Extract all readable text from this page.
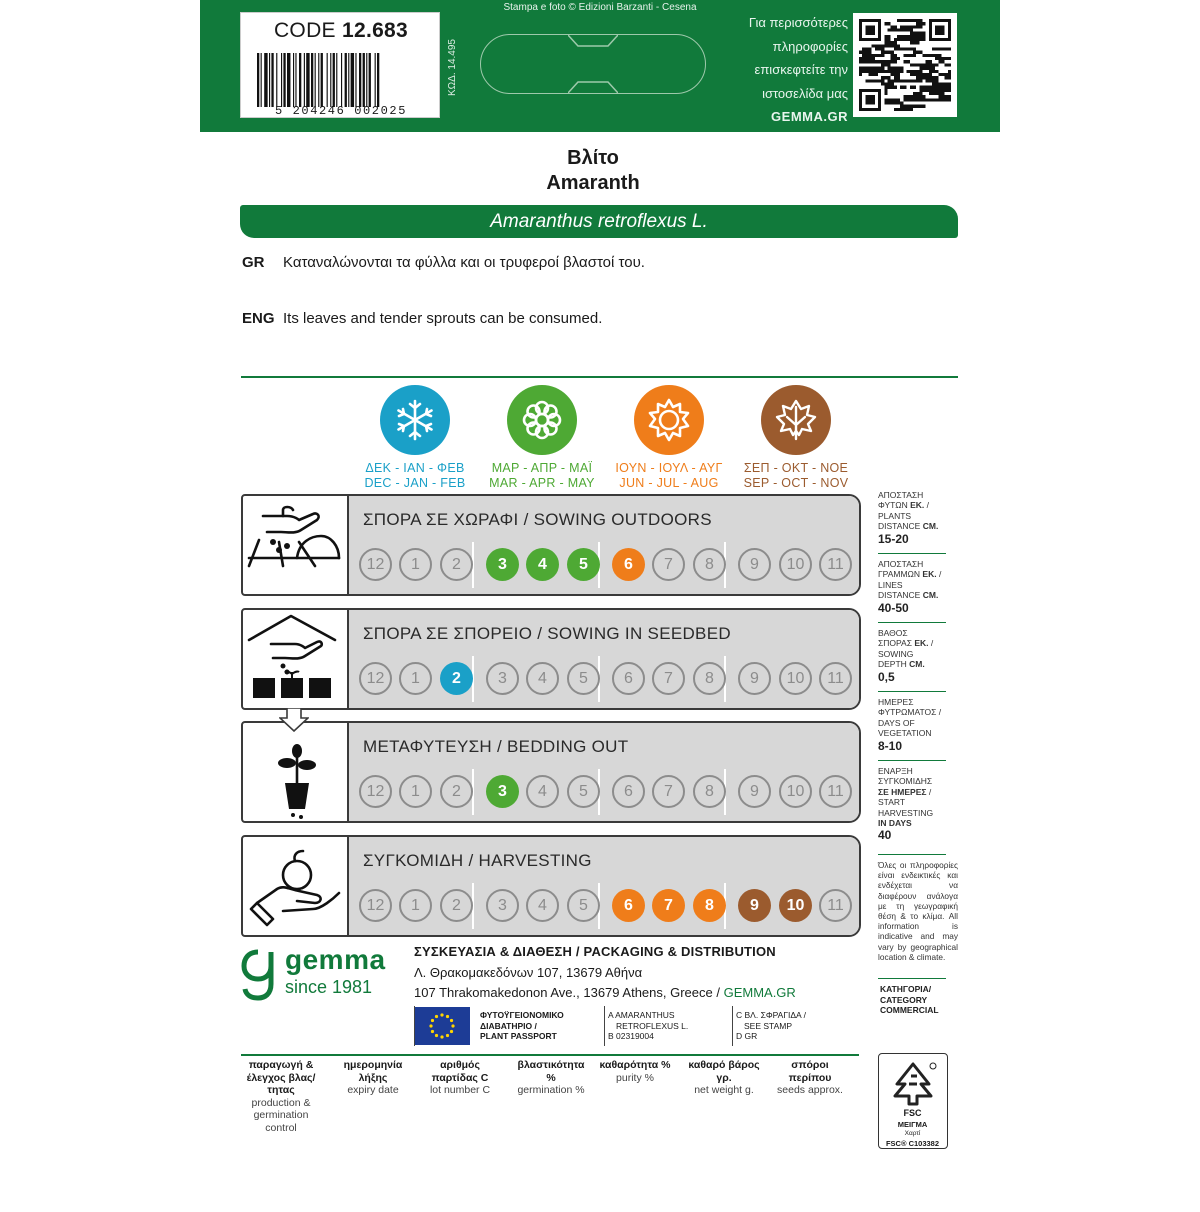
CODE 12.683
5 204246 002025
ΚΩΔ. 14.495
Stampa e foto © Edizioni Barzanti - Cesena
Για περισσότερες
πληροφορίες
επισκεφτείτε την
ιστοσελίδα μας
GEMMA.GR
Βλίτο
Amaranth
Amaranthus retroflexus L.
GR Καταναλώνονται τα φύλλα και οι τρυφεροί βλαστοί του.
ENG Its leaves and tender sprouts can be consumed.
ΔΕΚ - ΙΑΝ - ΦΕΒ
DEC - JAN - FEB
ΜΑΡ - ΑΠΡ - ΜΑΪ
MAR - APR - MAY
ΙΟΥΝ - ΙΟΥΛ - ΑΥΓ
JUN - JUL - AUG
ΣΕΠ - ΟΚΤ - ΝΟΕ
SEP - OCT - NOV
ΣΠΟΡΑ ΣΕ ΧΩΡΑΦΙ / SOWING OUTDOORS
12	1	2	3	4	5	6	7	8	9	10	11
ΣΠΟΡΑ ΣΕ ΣΠΟΡΕΙΟ / SOWING IN SEEDBED
12	1	2	3	4	5	6	7	8	9	10	11
ΜΕΤΑΦΥΤΕΥΣΗ / BEDDING OUT
12	1	2	3	4	5	6	7	8	9	10	11
ΣΥΓΚΟΜΙΔΗ / HARVESTING
12	1	2	3	4	5	6	7	8	9	10	11
ΑΠΟΣΤΑΣΗ
ΦΥΤΩΝ ΕΚ. /
PLANTS
DISTANCE CM.
15-20
ΑΠΟΣΤΑΣΗ
ΓΡΑΜΜΩΝ ΕΚ. /
LINES
DISTANCE CM.
40-50
ΒΑΘΟΣ
ΣΠΟΡΑΣ ΕΚ. /
SOWING
DEPTH CM.
0,5
ΗΜΕΡΕΣ
ΦΥΤΡΩΜΑΤΟΣ /
DAYS OF
VEGETATION
8-10
ΕΝΑΡΞΗ
ΣΥΓΚΟΜΙΔΗΣ
ΣΕ ΗΜΕΡΕΣ /
START
HARVESTING
IN DAYS
40
Όλες οι πληροφορίες είναι ενδεικτικές και ενδέχεται να διαφέρουν ανάλογα με τη γεωγραφική θέση & το κλίμα. All information is indicative and may vary by geographical location & climate.
ΚΑΤΗΓΟΡΙΑ/
CATEGORY
COMMERCIAL
gemma
since 1981
ΣΥΣΚΕΥΑΣΙΑ & ΔΙΑΘΕΣΗ / PACKAGING & DISTRIBUTION
Λ. Θρακομακεδόνων 107, 13679 Αθήνα
107 Thrakomakedonon Ave., 13679 Athens, Greece / GEMMA.GR
ΦΥΤΟΫΓΕΙΟΝΟΜΙΚΟ
ΔΙΑΒΑΤΗΡΙΟ /
PLANT PASSPORT
A AMARANTHUS
RETROFLEXUS L.
B 02319004
C ΒΛ. ΣΦΡΑΓΙΔΑ /
SEE STAMP
D GR
παραγωγή & έλεγχος βλας/τητας
production & germination control
ημερομηνία λήξης
expiry date
αριθμός παρτίδας C
lot number C
βλαστικότητα %
germination %
καθαρότητα %
purity %
καθαρό βάρος γρ.
net weight g.
σπόροι περίπου
seeds approx.
FSC
ΜΕΙΓΜΑ
Χαρτί
FSC® C103382
